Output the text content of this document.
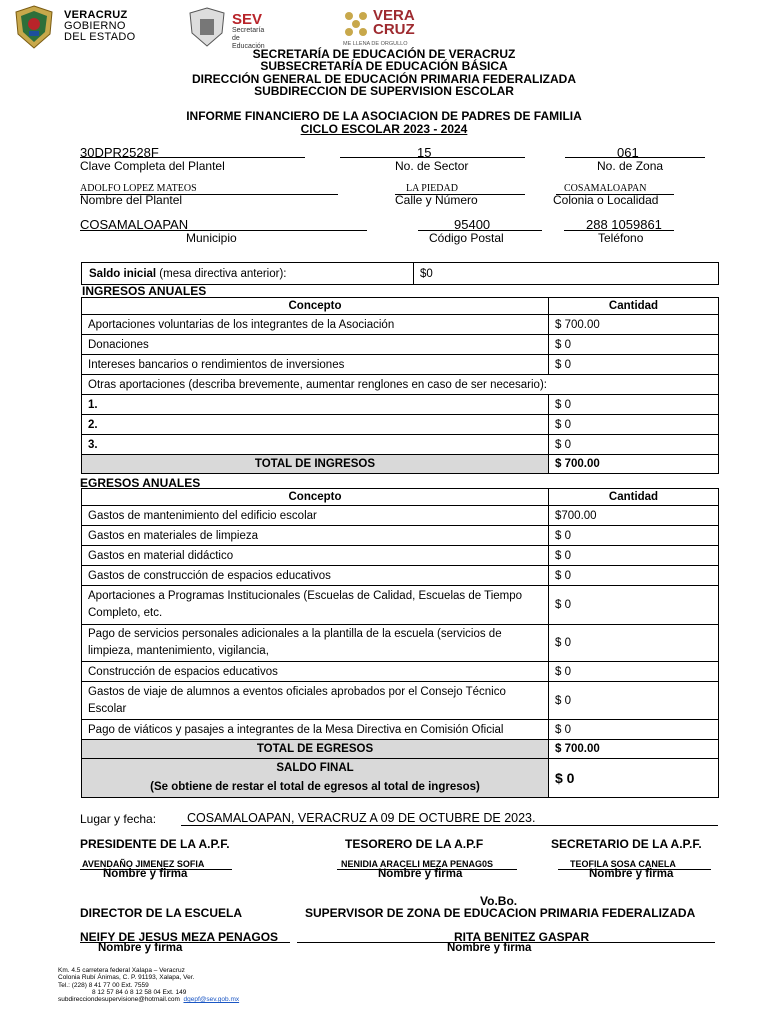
VERACRUZ
GOBIERNO
DEL ESTADO
SEV
Secretaría
de
Educación
VERA
CRUZ
ME LLENA DE ORGULLO
SECRETARÍA DE EDUCACIÓN DE VERACRUZ
SUBSECRETARÍA DE EDUCACIÓN BÁSICA
DIRECCIÓN GENERAL DE EDUCACIÓN PRIMARIA FEDERALIZADA
SUBDIRECCION DE SUPERVISION ESCOLAR
INFORME FINANCIERO DE LA ASOCIACION DE PADRES DE FAMILIA
CICLO ESCOLAR 2023 - 2024
30DPR2528F
Clave Completa del Plantel
15
No. de Sector
061
No. de Zona
ADOLFO LOPEZ MATEOS
Nombre del Plantel
LA PIEDAD
Calle y Número
COSAMALOAPAN
Colonia o Localidad
COSAMALOAPAN
Municipio
95400
Código Postal
288 1059861
Teléfono
Saldo inicial (mesa directiva anterior):	$0
INGRESOS ANUALES
Concepto	Cantidad
Aportaciones voluntarias de los integrantes de la Asociación	$ 700.00
Donaciones	$ 0
Intereses bancarios o rendimientos de inversiones	$ 0
Otras aportaciones (describa brevemente, aumentar renglones en caso de ser necesario):	
1.	$ 0
2.	$ 0
3.	$ 0
TOTAL DE INGRESOS	$ 700.00
EGRESOS ANUALES
Concepto	Cantidad
Gastos de mantenimiento del edificio escolar	$700.00
Gastos en materiales de limpieza	$ 0
Gastos en material didáctico	$ 0
Gastos de construcción de espacios educativos	$ 0
Aportaciones a Programas Institucionales (Escuelas de Calidad, Escuelas de Tiempo Completo, etc.	$ 0
Pago de servicios personales adicionales a la plantilla de la escuela (servicios de limpieza, mantenimiento, vigilancia,	$ 0
Construcción de espacios educativos	$ 0
Gastos de viaje de alumnos a eventos oficiales aprobados por el Consejo Técnico Escolar	$ 0
Pago de viáticos y pasajes a integrantes de la Mesa Directiva en Comisión Oficial	$ 0
TOTAL DE EGRESOS	$ 700.00

SALDO FINAL
(Se obtiene de restar el total de egresos al total de ingresos)	$ 0
Lugar y fecha: COSAMALOAPAN, VERACRUZ A 09 DE OCTUBRE DE 2023.
PRESIDENTE DE LA A.P.F.	TESORERO DE LA A.P.F	SECRETARIO DE LA A.P.F.
AVENDAÑO JIMENEZ SOFIA	NENIDIA ARACELI MEZA PENAG0S	TEOFILA SOSA CANELA
Nombre y firma	Nombre y firma	Nombre y firma
Vo.Bo.
DIRECTOR DE LA ESCUELA	SUPERVISOR DE ZONA DE EDUCACION PRIMARIA FEDERALIZADA
NEIFY DE JESUS MEZA PENAGOS	RITA BENITEZ GASPAR
Nombre y firma	Nombre y firma
Km. 4.5 carretera federal Xalapa – Veracruz
Colonia Rubí Ánimas, C. P. 91193, Xalapa, Ver.
Tel.: (228) 8 41 77 00 Ext. 7559
8 12 57 84 ó 8 12 58 04 Ext. 149
subdirecciondesupervisione@hotmail.com dgepf@sev.gob.mx
